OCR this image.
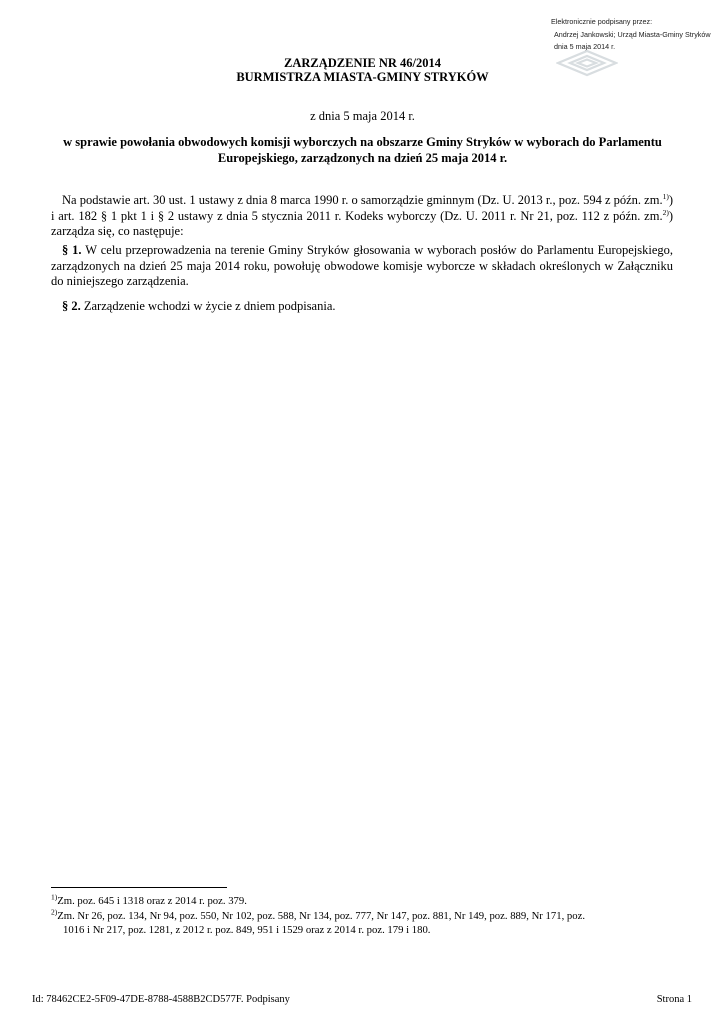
Elektronicznie podpisany przez:
Andrzej Jankowski; Urząd Miasta-Gminy Stryków
dnia 5 maja 2014 r.
ZARZĄDZENIE NR 46/2014
BURMISTRZA MIASTA-GMINY STRYKÓW
z dnia 5 maja 2014 r.
w sprawie powołania obwodowych komisji wyborczych na obszarze Gminy Stryków w wyborach do Parlamentu Europejskiego, zarządzonych na dzień 25 maja 2014 r.
Na podstawie art. 30 ust. 1 ustawy z dnia 8 marca 1990 r. o samorządzie gminnym (Dz. U. 2013 r., poz. 594 z późn. zm.$^{1)}$) i art. 182 § 1 pkt 1 i § 2 ustawy z dnia 5 stycznia 2011 r. Kodeks wyborczy (Dz. U. 2011 r. Nr 21, poz. 112 z późn. zm.$^{2)}$) zarządza się, co następuje:
§ 1. W celu przeprowadzenia na terenie Gminy Stryków głosowania w wyborach posłów do Parlamentu Europejskiego, zarządzonych na dzień 25 maja 2014 roku, powołuję obwodowe komisje wyborcze w składach określonych w Załączniku do niniejszego zarządzenia.
§ 2. Zarządzenie wchodzi w życie z dniem podpisania.
$^{1)}$Zm. poz. 645 i 1318 oraz z 2014 r. poz. 379.
$^{2)}$Zm. Nr 26, poz. 134, Nr 94, poz. 550, Nr 102, poz. 588, Nr 134, poz. 777, Nr 147, poz. 881, Nr 149, poz. 889, Nr 171, poz.
1016 i Nr 217, poz. 1281, z 2012 r. poz. 849, 951 i 1529 oraz z 2014 r. poz. 179 i 180.
Id: 78462CE2-5F09-47DE-8788-4588B2CD577F. Podpisany	Strona 1
